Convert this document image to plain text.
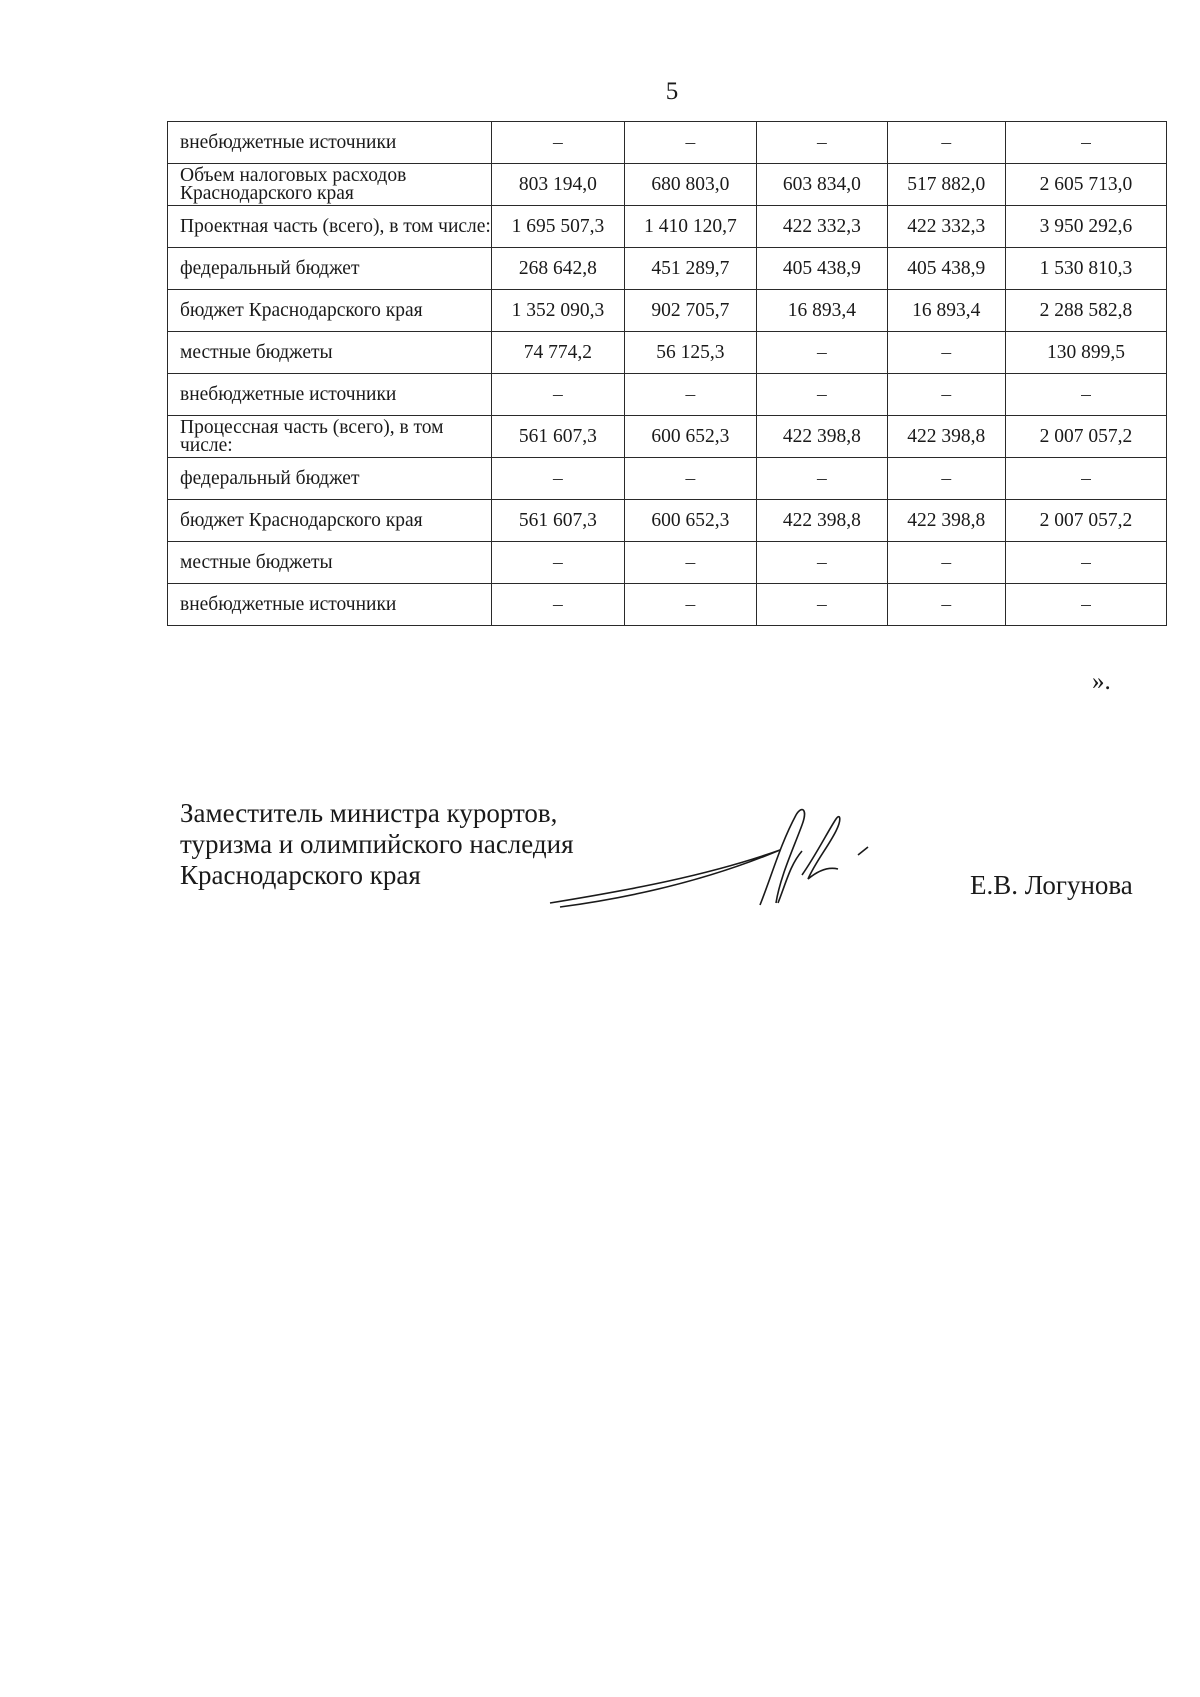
5
внебюджетные источники	–	–	–	–	–
Объем налоговых расходов Краснодарского края	803 194,0	680 803,0	603 834,0	517 882,0	2 605 713,0
Проектная часть (всего), в том числе:	1 695 507,3	1 410 120,7	422 332,3	422 332,3	3 950 292,6
федеральный бюджет	268 642,8	451 289,7	405 438,9	405 438,9	1 530 810,3
бюджет Краснодарского края	1 352 090,3	902 705,7	16 893,4	16 893,4	2 288 582,8
местные бюджеты	74 774,2	56 125,3	–	–	130 899,5
внебюджетные источники	–	–	–	–	–
Процессная часть (всего), в том числе:	561 607,3	600 652,3	422 398,8	422 398,8	2 007 057,2
федеральный бюджет	–	–	–	–	–
бюджет Краснодарского края	561 607,3	600 652,3	422 398,8	422 398,8	2 007 057,2
местные бюджеты	–	–	–	–	–
внебюджетные источники	–	–	–	–	–
».
Заместитель министра курортов,
туризма и олимпийского наследия
Краснодарского края	Е.В. Логунова
